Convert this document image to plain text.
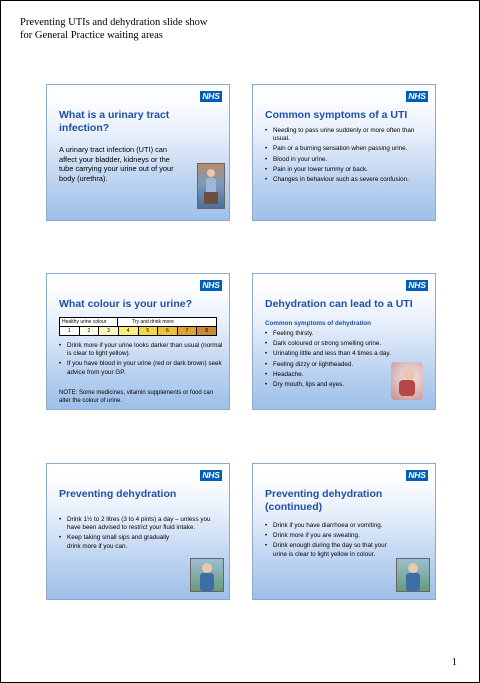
Preventing UTIs and dehydration slide show
for General Practice waiting areas
NHS
What is a urinary tract infection?
A urinary tract infection (UTI) can affect your bladder, kidneys or the tube carrying your urine out of your body (urethra).
NHS
Common symptoms of a UTI
• Needing to pass urine suddenly or more often than usual.
• Pain or a burning sensation when passing urine.
• Blood in your urine.
• Pain in your lower tummy or back.
• Changes in behaviour such as severe confusion.
NHS
What colour is your urine?
Healthy urine colour	Try and drink more
1	2	3	4	5	6	7	8
• Drink more if your urine looks darker than usual (normal is clear to light yellow).
• If you have blood in your urine (red or dark brown) seek advice from your GP.
NOTE: Some medicines, vitamin supplements or food can alter the colour of urine.
NHS
Dehydration can lead to a UTI
Common symptoms of dehydration
• Feeling thirsty.
• Dark coloured or strong smelling urine.
• Urinating little and less than 4 times a day.
• Feeling dizzy or lightheaded.
• Headache.
• Dry mouth, lips and eyes.
NHS
Preventing dehydration
• Drink 1½ to 2 litres (3 to 4 pints) a day – unless you have been advised to restrict your fluid intake.
• Keep taking small sips and gradually drink more if you can.
NHS
Preventing dehydration (continued)
• Drink if you have diarrhoea or vomiting.
• Drink more if you are sweating.
• Drink enough during the day so that your urine is clear to light yellow in colour.
1
